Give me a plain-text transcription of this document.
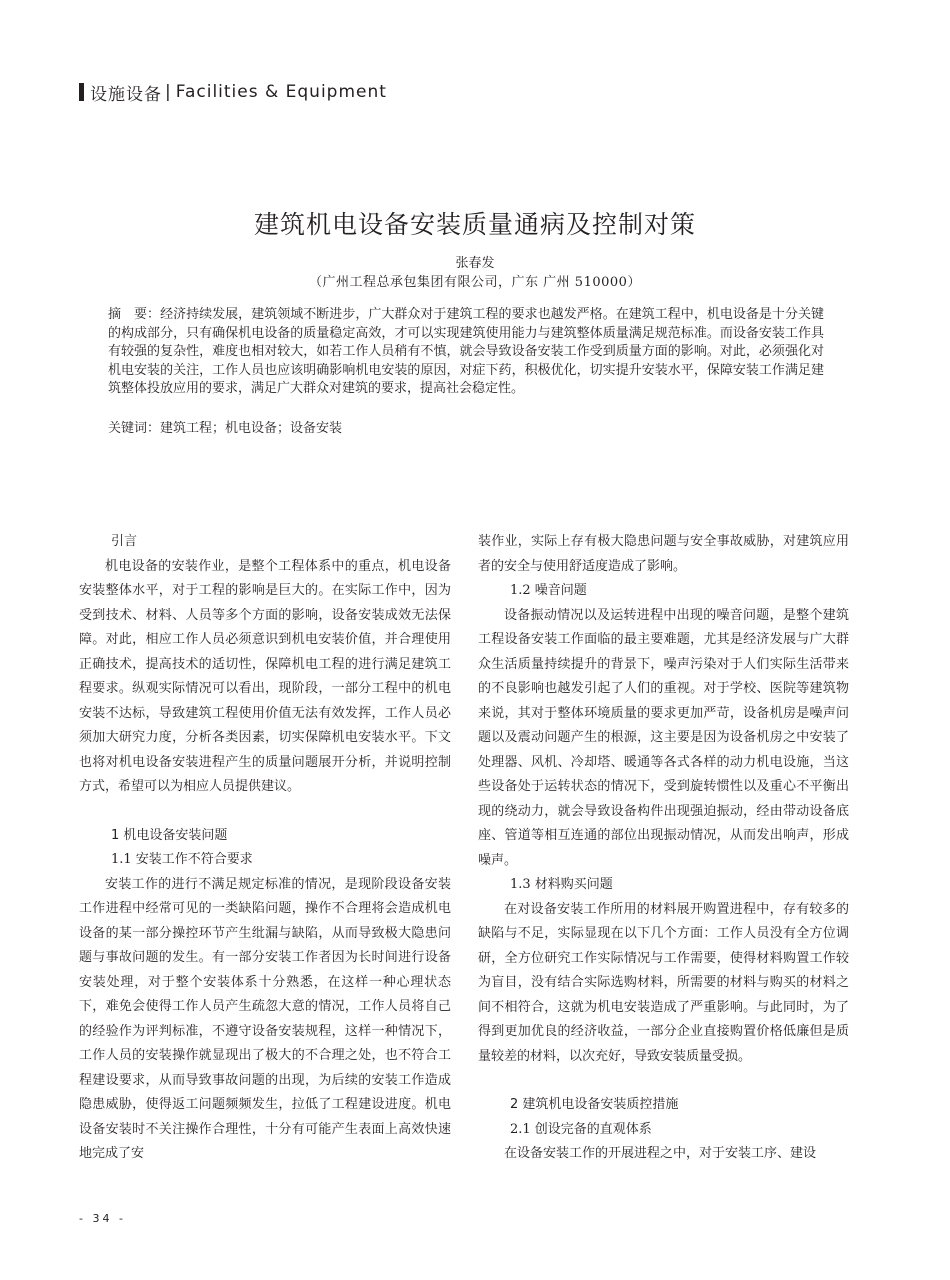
设施设备 | Facilities & Equipment
建筑机电设备安装质量通病及控制对策
张春发
（广州工程总承包集团有限公司，广东 广州 510000）
摘　要：经济持续发展，建筑领域不断进步，广大群众对于建筑工程的要求也越发严格。在建筑工程中，机电设备是十分关键的构成部分，只有确保机电设备的质量稳定高效，才可以实现建筑使用能力与建筑整体质量满足规范标准。而设备安装工作具有较强的复杂性，难度也相对较大，如若工作人员稍有不慎，就会导致设备安装工作受到质量方面的影响。对此，必须强化对机电安装的关注，工作人员也应该明确影响机电安装的原因，对症下药，积极优化，切实提升安装水平，保障安装工作满足建筑整体投放应用的要求，满足广大群众对建筑的要求，提高社会稳定性。
关键词：建筑工程；机电设备；设备安装
引言

机电设备的安装作业，是整个工程体系中的重点，机电设备安装整体水平，对于工程的影响是巨大的。在实际工作中，因为受到技术、材料、人员等多个方面的影响，设备安装成效无法保障。对此，相应工作人员必须意识到机电安装价值，并合理使用正确技术，提高技术的适切性，保障机电工程的进行满足建筑工程要求。纵观实际情况可以看出，现阶段，一部分工程中的机电安装不达标，导致建筑工程使用价值无法有效发挥，工作人员必须加大研究力度，分析各类因素，切实保障机电安装水平。下文也将对机电设备安装进程产生的质量问题展开分析，并说明控制方式，希望可以为相应人员提供建议。

1 机电设备安装问题
1.1 安装工作不符合要求

安装工作的进行不满足规定标准的情况，是现阶段设备安装工作进程中经常可见的一类缺陷问题，操作不合理将会造成机电设备的某一部分操控环节产生纰漏与缺陷，从而导致极大隐患问题与事故问题的发生。有一部分安装工作者因为长时间进行设备安装处理，对于整个安装体系十分熟悉，在这样一种心理状态下，难免会使得工作人员产生疏忽大意的情况，工作人员将自己的经验作为评判标准，不遵守设备安装规程，这样一种情况下，工作人员的安装操作就显现出了极大的不合理之处，也不符合工程建设要求，从而导致事故问题的出现，为后续的安装工作造成隐患威胁，使得返工问题频频发生，拉低了工程建设进度。机电设备安装时不关注操作合理性，十分有可能产生表面上高效快速地完成了安

装作业，实际上存有极大隐患问题与安全事故威胁，对建筑应用者的安全与使用舒适度造成了影响。

1.2 噪音问题

设备振动情况以及运转进程中出现的噪音问题，是整个建筑工程设备安装工作面临的最主要难题，尤其是经济发展与广大群众生活质量持续提升的背景下，噪声污染对于人们实际生活带来的不良影响也越发引起了人们的重视。对于学校、医院等建筑物来说，其对于整体环境质量的要求更加严苛，设备机房是噪声问题以及震动问题产生的根源，这主要是因为设备机房之中安装了处理器、风机、冷却塔、暖通等各式各样的动力机电设施，当这些设备处于运转状态的情况下，受到旋转惯性以及重心不平衡出现的绕动力，就会导致设备构件出现强迫振动，经由带动设备底座、管道等相互连通的部位出现振动情况，从而发出响声，形成噪声。

1.3 材料购买问题

在对设备安装工作所用的材料展开购置进程中，存有较多的缺陷与不足，实际显现在以下几个方面：工作人员没有全方位调研，全方位研究工作实际情况与工作需要，使得材料购置工作较为盲目，没有结合实际选购材料，所需要的材料与购买的材料之间不相符合，这就为机电安装造成了严重影响。与此同时，为了得到更加优良的经济收益，一部分企业直接购置价格低廉但是质量较差的材料，以次充好，导致安装质量受损。

2 建筑机电设备安装质控措施
2.1 创设完备的直观体系

在设备安装工作的开展进程之中，对于安装工序、建设

- 34 -
